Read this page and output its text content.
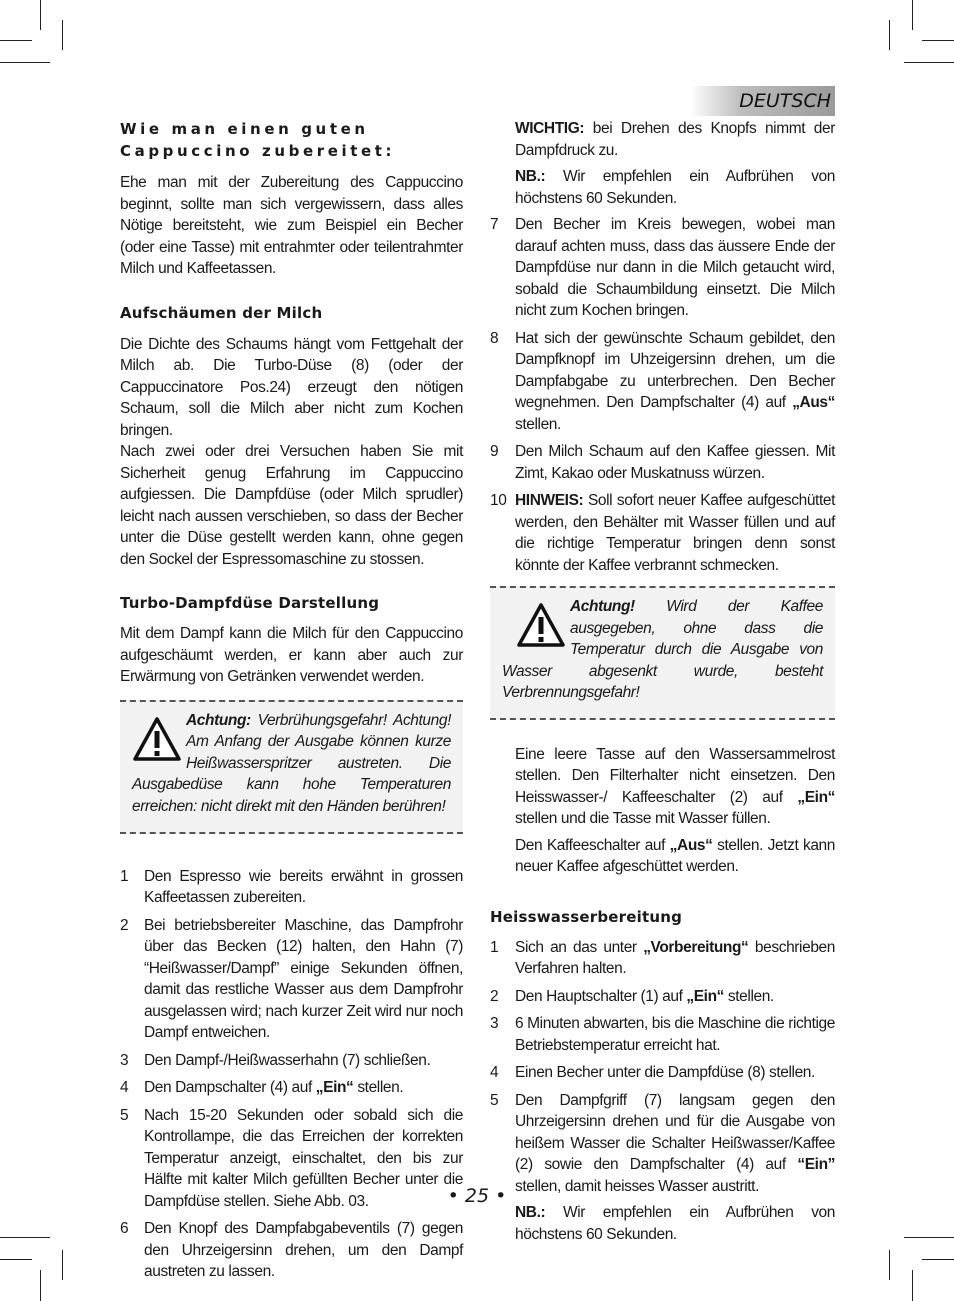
DEUTSCH
Wie man einen guten Cappuccino zubereitet:

Ehe man mit der Zubereitung des Cappuccino beginnt, sollte man sich vergewissern, dass alles Nötige bereitsteht, wie zum Beispiel ein Becher (oder eine Tasse) mit entrahmter oder teilentrahmter Milch und Kaffeetassen.

Aufschäumen der Milch

Die Dichte des Schaums hängt vom Fettgehalt der Milch ab. Die Turbo-Düse (8) (oder der Cappuccinatore Pos.24) erzeugt den nötigen Schaum, soll die Milch aber nicht zum Kochen bringen.

Nach zwei oder drei Versuchen haben Sie mit Sicherheit genug Erfahrung im Cappuccino aufgiessen. Die Dampfdüse (oder Milch sprudler) leicht nach aussen verschieben, so dass der Becher unter die Düse gestellt werden kann, ohne gegen den Sockel der Espressomaschine zu stossen.

Turbo-Dampfdüse Darstellung

Mit dem Dampf kann die Milch für den Cappuccino aufgeschäumt werden, er kann aber auch zur Erwärmung von Getränken verwendet werden.

Achtung: Verbrühungsgefahr! Achtung! Am Anfang der Ausgabe können kurze Heißwasserspritzer austreten. Die Ausgabedüse kann hohe Temperaturen erreichen: nicht direkt mit den Händen berühren!

1 Den Espresso wie bereits erwähnt in grossen Kaffeetassen zubereiten.
2 Bei betriebsbereiter Maschine, das Dampfrohr über das Becken (12) halten, den Hahn (7) “Heißwasser/Dampf” einige Sekunden öffnen, damit das restliche Wasser aus dem Dampfrohr ausgelassen wird; nach kurzer Zeit wird nur noch Dampf entweichen.
3 Den Dampf-/Heißwasserhahn (7) schließen.
4 Den Dampschalter (4) auf „Ein“ stellen.
5 Nach 15-20 Sekunden oder sobald sich die Kontrollampe, die das Erreichen der korrekten Temperatur anzeigt, einschaltet, den bis zur Hälfte mit kalter Milch gefüllten Becher unter die Dampfdüse stellen. Siehe Abb. 03.
6 Den Knopf des Dampfabgabeventils (7) gegen den Uhrzeigersinn drehen, um den Dampf austreten zu lassen.

WICHTIG: bei Drehen des Knopfs nimmt der Dampfdruck zu.

NB.: Wir empfehlen ein Aufbrühen von höchstens 60 Sekunden.

7 Den Becher im Kreis bewegen, wobei man darauf achten muss, dass das äussere Ende der Dampfdüse nur dann in die Milch getaucht wird, sobald die Schaumbildung einsetzt. Die Milch nicht zum Kochen bringen.
8 Hat sich der gewünschte Schaum gebildet, den Dampfknopf im Uhzeigersinn drehen, um die Dampfabgabe zu unterbrechen. Den Becher wegnehmen. Den Dampfschalter (4) auf „Aus“ stellen.
9 Den Milch Schaum auf den Kaffee giessen. Mit Zimt, Kakao oder Muskatnuss würzen.
10 HINWEIS: Soll sofort neuer Kaffee aufgeschüttet werden, den Behälter mit Wasser füllen und auf die richtige Temperatur bringen denn sonst könnte der Kaffee verbrannt schmecken.

Achtung! Wird der Kaffee ausgegeben, ohne dass die Temperatur durch die Ausgabe von Wasser abgesenkt wurde, besteht Verbrennungsgefahr!

Eine leere Tasse auf den Wassersammelrost stellen. Den Filterhalter nicht einsetzen. Den Heisswasser-/ Kaffeeschalter (2) auf „Ein“ stellen und die Tasse mit Wasser füllen.

Den Kaffeeschalter auf „Aus“ stellen. Jetzt kann neuer Kaffee afgeschüttet werden.

Heisswasserbereitung
1 Sich an das unter „Vorbereitung“ beschrieben Verfahren halten.
2 Den Hauptschalter (1) auf „Ein“ stellen.
3 6 Minuten abwarten, bis die Maschine die richtige Betriebstemperatur erreicht hat.
4 Einen Becher unter die Dampfdüse (8) stellen.
5 Den Dampfgriff (7) langsam gegen den Uhrzeigersinn drehen und für die Ausgabe von heißem Wasser die Schalter Heißwasser/Kaffee (2) sowie den Dampfschalter (4) auf “Ein” stellen, damit heisses Wasser austritt.

NB.: Wir empfehlen ein Aufbrühen von höchstens 60 Sekunden.

• 25 •
